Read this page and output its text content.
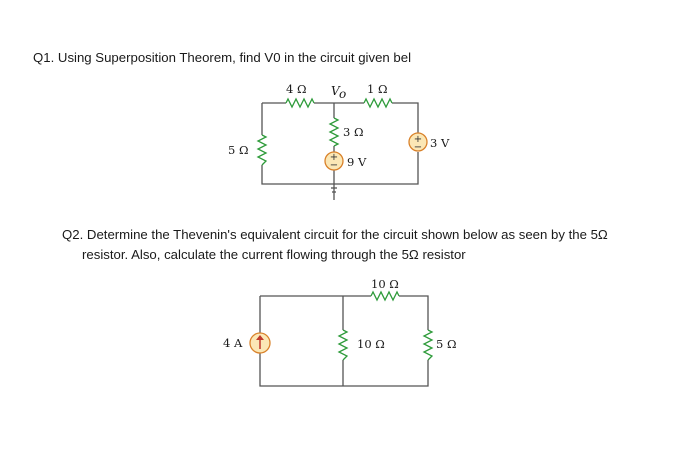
Q1. Using Superposition Theorem, find V0 in the circuit given bel
Q2. Determine the Thevenin's equivalent circuit for the circuit shown below as seen by the 5Ω
resistor. Also, calculate the current flowing through the 5Ω resistor
+
−
+
−
4 Ω V o 1 Ω
3 Ω
5 Ω	3 V
9 V
10 Ω
4 A	10 Ω	5 Ω
